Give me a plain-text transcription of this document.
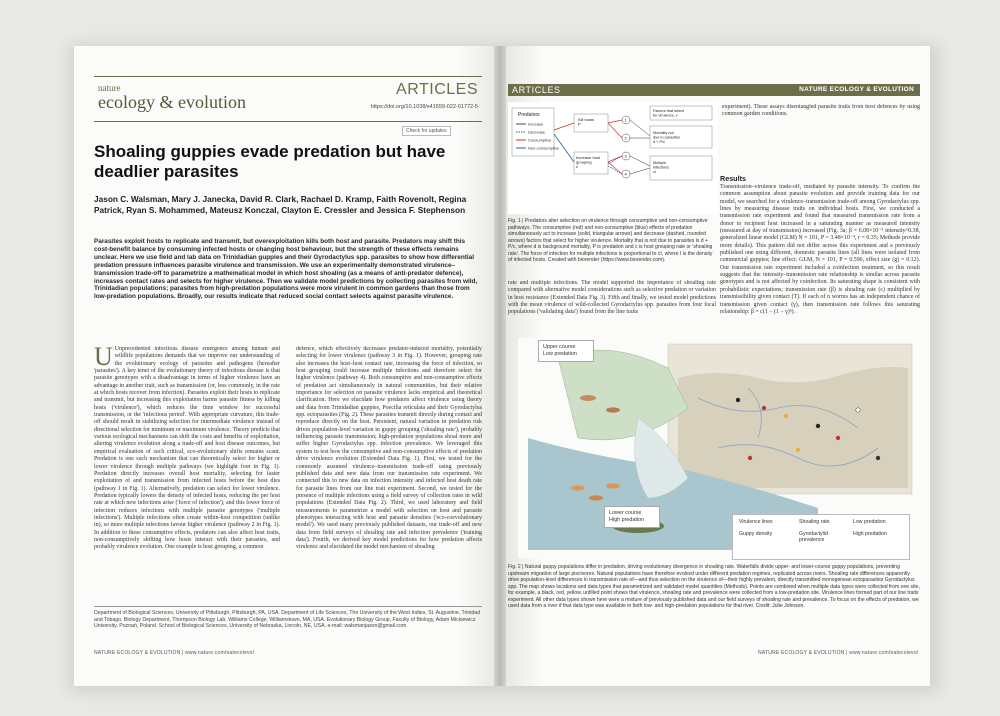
nature
ecology & evolution
ARTICLES
https://doi.org/10.1038/s41559-022-01772-5
Check for updates
Shoaling guppies evade predation but have deadlier parasites
Jason C. Walsman, Mary J. Janecka, David R. Clark, Rachael D. Kramp, Faith Rovenolt, Regina Patrick, Ryan S. Mohammed, Mateusz Konczal, Clayton E. Cressler and Jessica F. Stephenson
Parasites exploit hosts to replicate and transmit, but overexploitation kills both host and parasite. Predators may shift this cost-benefit balance by consuming infected hosts or changing host behaviour, but the strength of these effects remains unclear. Here we use field and lab data on Trinidadian guppies and their Gyrodactylus spp. parasites to show how differential predation pressure influences parasite virulence and transmission. We use an experimentally demonstrated virulence–transmission trade-off to parametrize a mathematical model in which host shoaling (as a means of anti-predator defence), increases contact rates and selects for higher virulence. Then we validate model predictions by collecting parasites from wild, Trinidadian populations; parasites from high-predation populations were more virulent in common gardens than those from low-predation populations. Broadly, our results indicate that reduced social contact selects against parasite virulence.
U Unprecedented infectious disease emergence among human and wildlife populations demands that we improve our understanding of the evolutionary ecology of parasites and pathogens (hereafter 'parasites'). A key tenet of the evolutionary theory of infectious disease is that parasite genotypes with a disadvantage in terms of higher virulence have an advantage in another trait, such as transmission (or, less commonly, in the rate at which hosts recover from infection). Parasites exploit their hosts to replicate and transmit, but increasing this exploitation harms parasite fitness by killing hosts ('virulence'), which reduces the time window for successful transmission, or the 'infectious period'. With appropriate curvature, this trade-off should result in stabilizing selection for intermediate virulence instead of directional selection for minimum or maximum virulence. Theory predicts that various ecological mechanisms can shift the costs and benefits of exploitation, altering virulence evolution along a trade-off and host disease outcomes, but empirical evaluation of such critical, eco-evolutionary shifts remains scant. Predation is one such mechanism that can theoretically select for higher or lower virulence through multiple pathways (we highlight four in Fig. 1). Predation directly increases overall host mortality, selecting for faster exploitation of and transmission from infected hosts before the host dies (pathway 1 in Fig. 1). Alternatively, predation can select for lower virulence. Predation typically lowers the density of infected hosts, reducing the per host rate at which new infections arise ('force of infection'), and this lower force of infection reduces infections with multiple parasite genotypes ('multiple infections'). Multiple infections often create within-host competition (unlike in), so more multiple infections favour higher virulence (pathway 2 in Fig. 1). In addition to these consumptive effects, predators can also affect host traits, non-consumptively shifting how hosts interact with their parasites, and probably virulence evolution. One example is host grouping, a common
defence, which effectively decreases predator-induced mortality, potentially selecting for lower virulence (pathway 3 in Fig. 1). However, grouping rate also increases the host–host contact rate, increasing the force of infection, so host grouping could increase multiple infections and therefore select for higher virulence (pathway 4). Both consumptive and non-consumptive effects of predation act simultaneously in natural communities, but their relative importance for selection on parasite virulence lacks empirical and theoretical clarification. Here we elucidate how predators affect virulence using theory and data from Trinidadian guppies, Poecilia reticulata and their Gyrodactylus spp. ectoparasites (Fig. 2). These parasites transmit directly during contact and reproduce directly on the host. Persistent, natural variation in predation risk drives population-level variation in guppy grouping ('shoaling rate'), probably influencing parasite transmission; high-predation populations shoal more and suffer higher Gyrodactylus spp. infection prevalence. We leveraged this system to test how the consumptive and non-consumptive effects of predation drive virulence evolution (Extended Data Fig. 1). First, we tested for the commonly assumed virulence–transmission trade-off using previously published data and new data from our transmission rate experiment. We connected this to new data on infection intensity and infected host death rate for parasite lines from our line trait experiment. Second, we tested for the presence of multiple infections using a field survey of collection rates in wild populations (Extended Data Fig. 2). Third, we used laboratory and field measurements to parametrize a model with selection on host and parasite phenotypes interacting with host and parasite densities ('eco-coevolutionary model'). We used many previously published datasets, our trade-off and new data from field surveys of shoaling rate and infection prevalence ('training data'). Fourth, we derived key model predictions for how predation affects virulence and elucidated the model mechanism of shoaling
Department of Biological Sciences, University of Pittsburgh, Pittsburgh, PA, USA. Department of Life Sciences, The University of the West Indies, St. Augustine, Trinidad and Tobago. Biology Department, Thompson Biology Lab, Williams College, Williamstown, MA, USA. Evolutionary Biology Group, Faculty of Biology, Adam Mickiewicz University, Poznań, Poland. School of Biological Sciences, University of Nebraska, Lincoln, NE, USA. e-mail: walsmanjason@gmail.com
NATURE ECOLOGY & EVOLUTION | www.nature.com/natecolevol
ARTICLES	NATURE ECOLOGY & EVOLUTION
Predators
Increase
Decrease
Consumptive
Non-consumptive
Kill hosts P
Increase host grouping c
1
2
3
4
Factors that select for virulence, v
Mortality not due to parasites d + P/c
Multiple infections cI
Fig. 1 | Predators alter selection on virulence through consumptive and non-consumptive pathways. The consumptive (red) and non-consumptive (blue) effects of predation simultaneously act to increase (solid, triangular arrows) and decrease (dashed, rounded arrows) factors that select for higher virulence. Mortality that is not due to parasites is d + P/c, where d is background mortality, P is predation and c is host grouping rate or 'shoaling rate'. The force of infection for multiple infections is proportional to cI, where I is the density of infected hosts. Created with biorender (https://www.biorender.com).
rate and multiple infections. The model supported the importance of shoaling rate compared with alternative model considerations such as selective predation or variation in host resistance (Extended Data Fig. 3). Fifth and finally, we tested model predictions with the mean virulence of wild-collected Gyrodactylus spp. parasites from four focal populations ('validating data') found from the line traits
experiment). These assays disentangled parasite traits from host defences by using common garden conditions.
Results
Transmission–virulence trade-off, mediated by parasite intensity. To confirm the common assumption about parasite evolution and provide training data for our model, we searched for a virulence–transmission trade-off among Gyrodactylus spp. lines by measuring disease traits on individual hosts. First, we conducted a transmission rate experiment and found that measured transmission rate from a donor to recipient host increased in a saturating manner as measured intensity (measured at day of transmission) increased (Fig. 3a; β = 6.08×10⁻⁵ intensity^0.38, generalized linear model (GLM) N = 101, P = 3.48×10⁻⁴, r = 0.35; Methods provide more details). This pattern did not differ across this experiment and a previously published one using different, domestic parasite lines (all lines were isolated from commercial guppies; line effect: GLM, N = 101, P = 0.596, effect size (g) = 0.12). Our transmission rate experiment included a coinfection treatment, so this result suggests that the intensity–transmission rate relationship is similar across parasite genotypes and is not affected by coinfection. Its saturating shape is consistent with probabilistic expectations; transmission rate (β) is shoaling rate (c) multiplied by transmissibility given contact (T). If each of n worms has an independent chance of transmission given contact (γ), then transmission rate follows this saturating relationship: β = c(1 − (1 − γ)ⁿ).
Upper course
Low predation
Lower course
High predation	Virulence lines	Shoaling rate	Low predation
Guppy density	Gyrodactylid prevalence
High predation
Fig. 2 | Natural guppy populations differ in predation, driving evolutionary divergence in shoaling rate. Waterfalls divide upper- and lower-course guppy populations, preventing upstream migration of large piscivores. Natural populations have therefore evolved under different predation regimes, replicated across rivers. Shoaling rate differences apparently drive population-level differences in transmission rate of—and thus selection on the virulence of—their highly prevalent, directly transmitted monogenean ectoparasites Gyrodactylus spp. The map shows locations and data types that parametrized and validated model quantities (Methods). Points are combined when multiple data types were collected from one site, for example, a black, red, yellow, unfilled point shows that virulence, shoaling rate and prevalence were collected from a low-predation site. Virulence lines formed part of our line traits experiment. All other data types shown here were a mixture of previously published data and our field surveys of shoaling rate and prevalence. To focus on the effects of predation, we used data from a river if that data type was available in both low- and high-predation populations for that river. Credit: Julie Johnson.
NATURE ECOLOGY & EVOLUTION | www.nature.com/natecolevol
